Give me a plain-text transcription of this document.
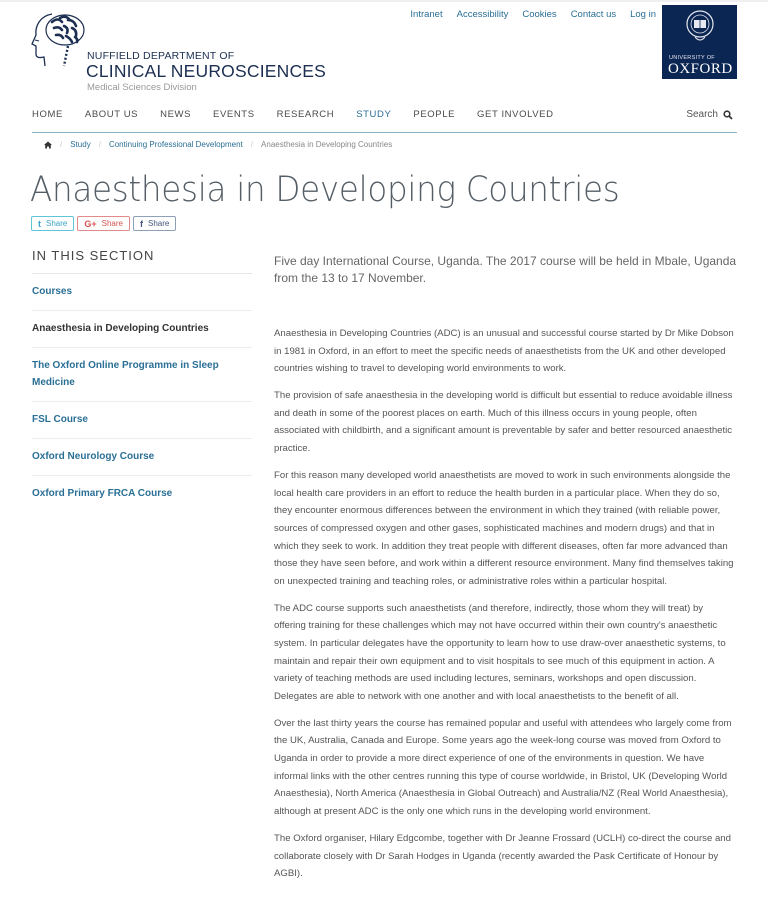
NUFFIELD DEPARTMENT OF
CLINICAL NEUROSCIENCES
Medical Sciences Division
Intranet Accessibility Cookies Contact us Log in
UNIVERSITY OF
OXFORD
HOME ABOUT US NEWS EVENTS RESEARCH STUDY PEOPLE GET INVOLVED	Search
/ Study / Continuing Professional Development / Anaesthesia in Developing Countries
Anaesthesia in Developing Countries
t Share G+ Share f Share
IN THIS SECTION
Courses
Anaesthesia in Developing Countries
The Oxford Online Programme in Sleep Medicine
FSL Course
Oxford Neurology Course
Oxford Primary FRCA Course

Five day International Course, Uganda. The 2017 course will be held in Mbale, Uganda from the 13 to 17 November.

Anaesthesia in Developing Countries (ADC) is an unusual and successful course started by Dr Mike Dobson in 1981 in Oxford, in an effort to meet the specific needs of anaesthetists from the UK and other developed countries wishing to travel to developing world environments to work.

The provision of safe anaesthesia in the developing world is difficult but essential to reduce avoidable illness and death in some of the poorest places on earth. Much of this illness occurs in young people, often associated with childbirth, and a significant amount is preventable by safer and better resourced anaesthetic practice.

For this reason many developed world anaesthetists are moved to work in such environments alongside the local health care providers in an effort to reduce the health burden in a particular place. When they do so, they encounter enormous differences between the environment in which they trained (with reliable power, sources of compressed oxygen and other gases, sophisticated machines and modern drugs) and that in which they seek to work. In addition they treat people with different diseases, often far more advanced than those they have seen before, and work within a different resource environment. Many find themselves taking on unexpected training and teaching roles, or administrative roles within a particular hospital.

The ADC course supports such anaesthetists (and therefore, indirectly, those whom they will treat) by offering training for these challenges which may not have occurred within their own country's anaesthetic system. In particular delegates have the opportunity to learn how to use draw-over anaesthetic systems, to maintain and repair their own equipment and to visit hospitals to see much of this equipment in action. A variety of teaching methods are used including lectures, seminars, workshops and open discussion. Delegates are able to network with one another and with local anaesthetists to the benefit of all.

Over the last thirty years the course has remained popular and useful with attendees who largely come from the UK, Australia, Canada and Europe. Some years ago the week-long course was moved from Oxford to Uganda in order to provide a more direct experience of one of the environments in question. We have informal links with the other centres running this type of course worldwide, in Bristol, UK (Developing World Anaesthesia), North America (Anaesthesia in Global Outreach) and Australia/NZ (Real World Anaesthesia), although at present ADC is the only one which runs in the developing world environment.

The Oxford organiser, Hilary Edgcombe, together with Dr Jeanne Frossard (UCLH) co-direct the course and collaborate closely with Dr Sarah Hodges in Uganda (recently awarded the Pask Certificate of Honour by AGBI).
